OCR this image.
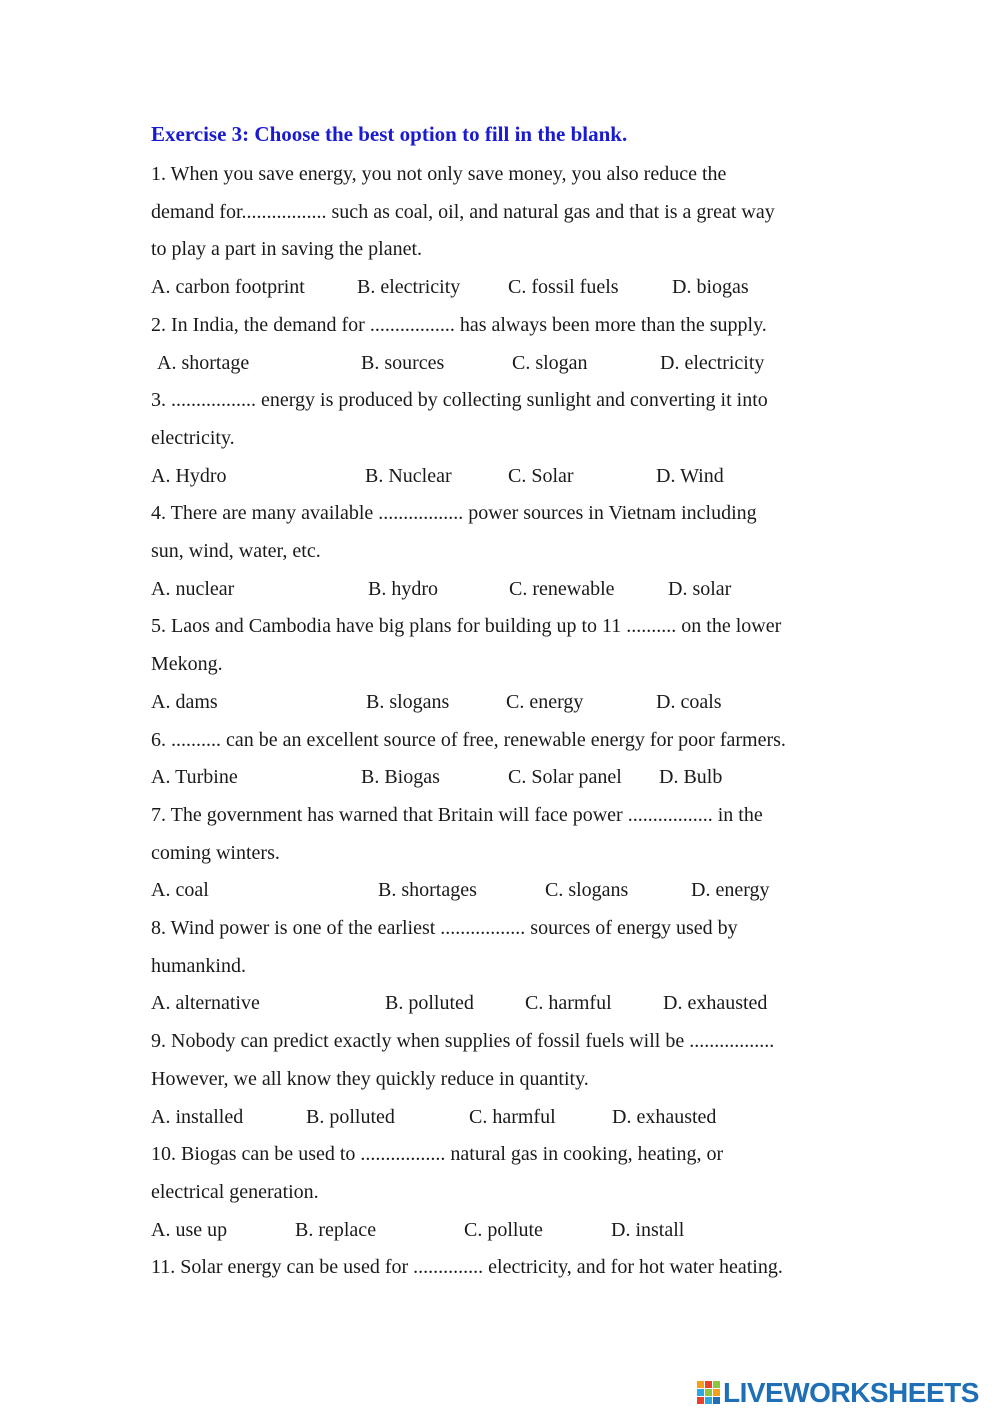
Exercise 3: Choose the best option to fill in the blank.
1. When you save energy, you not only save money, you also reduce the
demand for................. such as coal, oil, and natural gas and that is a great way
to play a part in saving the planet.
A. carbon footprint	B. electricity C. fossil fuels	D. biogas
2. In India, the demand for ................. has always been more than the supply.
A. shortage	B. sources	C. slogan	D. electricity
3. ................. energy is produced by collecting sunlight and converting it into
electricity.
A. Hydro	B. Nuclear	C. Solar	D. Wind
4. There are many available ................. power sources in Vietnam including
sun, wind, water, etc.
A. nuclear	B. hydro	C. renewable	D. solar
5. Laos and Cambodia have big plans for building up to 11 .......... on the lower
Mekong.
A. dams	B. slogans	C. energy	D. coals
6. .......... can be an excellent source of free, renewable energy for poor farmers.
A. Turbine	B. Biogas	C. Solar panel D. Bulb
7. The government has warned that Britain will face power ................. in the
coming winters.
A. coal	B. shortages	C. slogans	D. energy
8. Wind power is one of the earliest ................. sources of energy used by
humankind.
A. alternative	B. polluted	C. harmful	D. exhausted
9. Nobody can predict exactly when supplies of fossil fuels will be .................
However, we all know they quickly reduce in quantity.
A. installed	B. polluted	C. harmful	D. exhausted
10. Biogas can be used to ................. natural gas in cooking, heating, or
electrical generation.
A. use up	B. replace	C. pollute	D. install
11. Solar energy can be used for .............. electricity, and for hot water heating.
LIVEWORKSHEETS
